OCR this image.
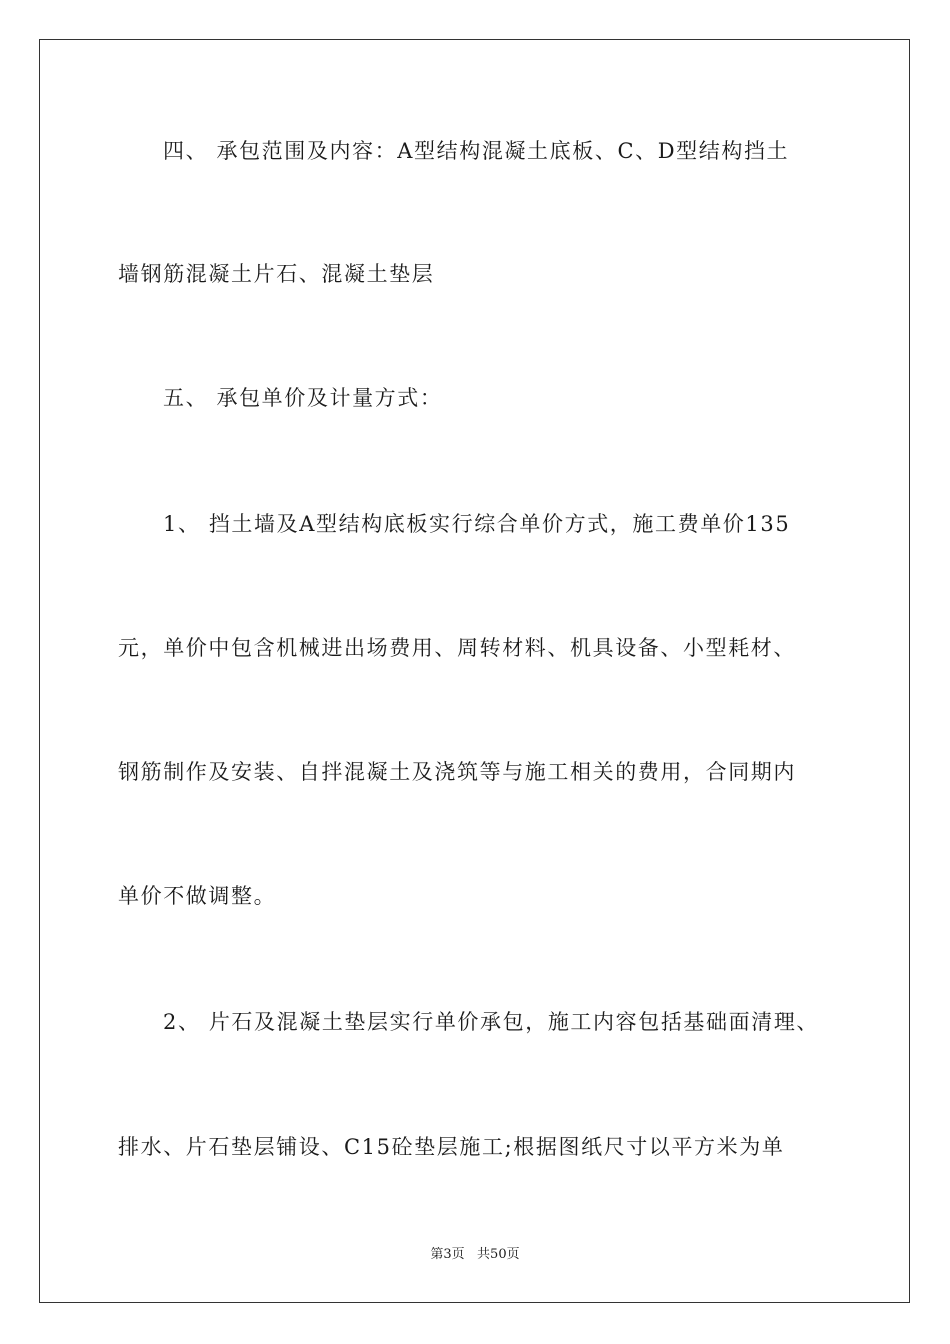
四、 承包范围及内容：A型结构混凝土底板、C、D型结构挡土
墙钢筋混凝土片石、混凝土垫层
五、 承包单价及计量方式：
1、 挡土墙及A型结构底板实行综合单价方式，施工费单价135
元，单价中包含机械进出场费用、周转材料、机具设备、小型耗材、
钢筋制作及安装、自拌混凝土及浇筑等与施工相关的费用，合同期内
单价不做调整。
2、 片石及混凝土垫层实行单价承包，施工内容包括基础面清理、
排水、片石垫层铺设、C15砼垫层施工;根据图纸尺寸以平方米为单
第3页   共50页
